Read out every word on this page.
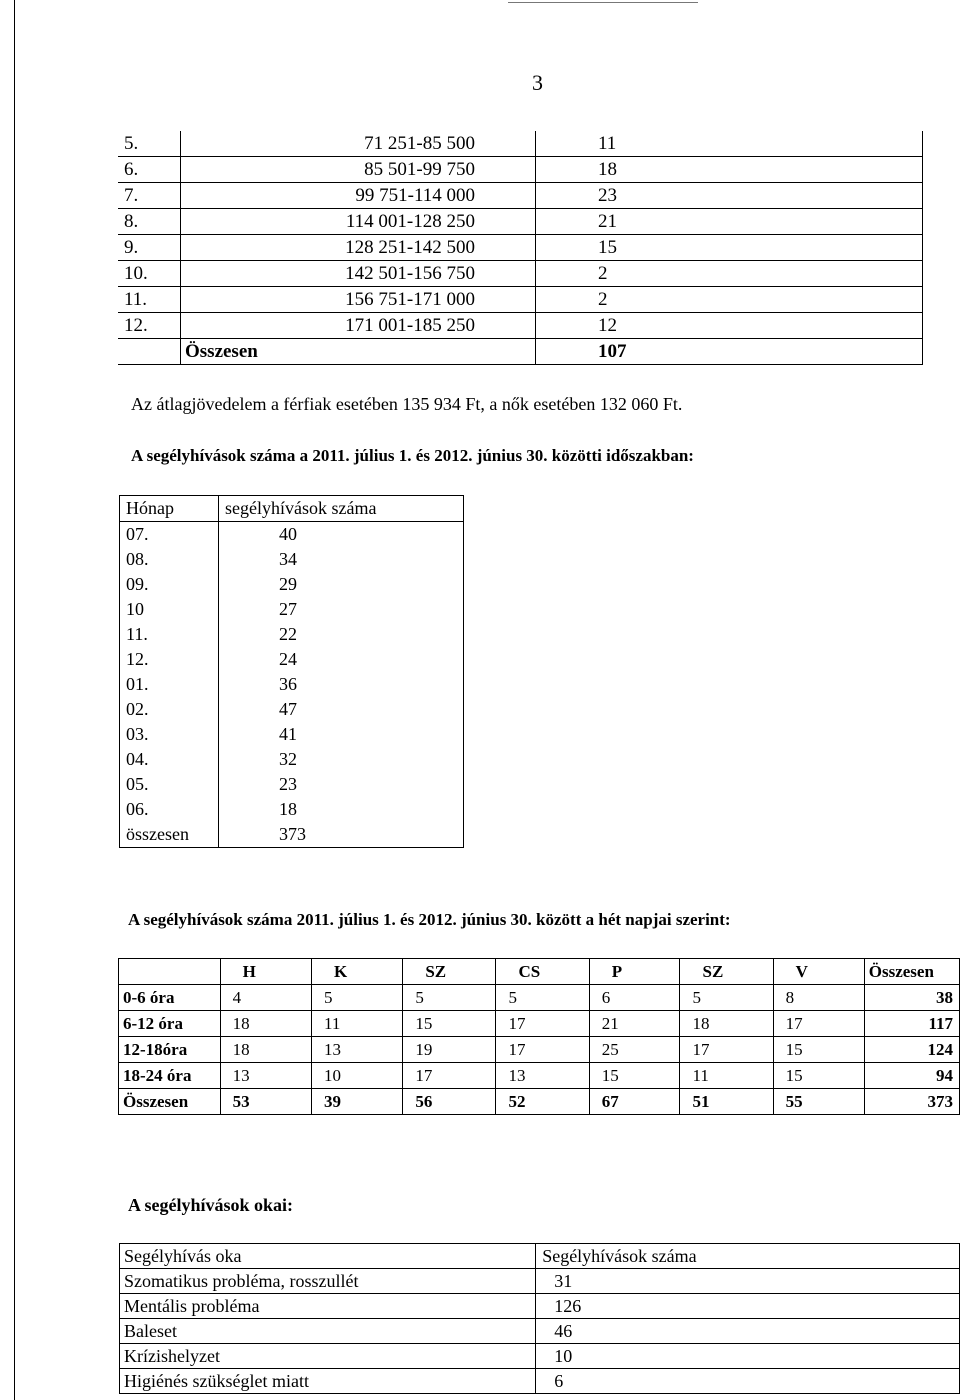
3
5.	71 251-85 500	11
6.	85 501-99 750	18
7.	99 751-114 000	23
8.	114 001-128 250	21
9.	128 251-142 500	15
10.	142 501-156 750	2
11.	156 751-171 000	2
12.	171 001-185 250	12
	Összesen	107
Az átlagjövedelem a férfiak esetében 135 934 Ft, a nők esetében 132 060 Ft.
A segélyhívások száma a 2011. július 1. és 2012. június 30. közötti időszakban:
Hónap	segélyhívások száma
07.	40
08.	34
09.	29
10	27
11.	22
12.	24
01.	36
02.	47
03.	41
04.	32
05.	23
06.	18
összesen	373
A segélyhívások száma 2011. július 1. és 2012. június 30. között a hét napjai szerint:
	H	K	SZ	CS	P	SZ	V	Összesen
0-6 óra	4	5	5	5	6	5	8	38
6-12 óra	18	11	15	17	21	18	17	117
12-18óra	18	13	19	17	25	17	15	124
18-24 óra	13	10	17	13	15	11	15	94
Összesen	53	39	56	52	67	51	55	373
A segélyhívások okai:
Segélyhívás oka	Segélyhívások száma
Szomatikus probléma, rosszullét	31
Mentális probléma	126
Baleset	46
Krízishelyzet	10
Higiénés szükséglet miatt	6
